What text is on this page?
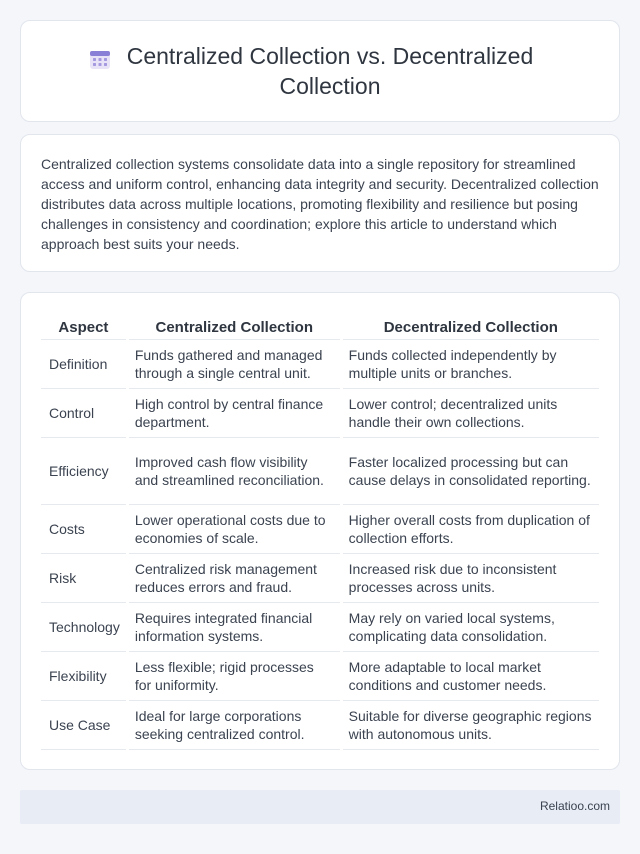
Centralized Collection vs. Decentralized Collection

Centralized collection systems consolidate data into a single repository for streamlined access and uniform control, enhancing data integrity and security. Decentralized collection distributes data across multiple locations, promoting flexibility and resilience but posing challenges in consistency and coordination; explore this article to understand which approach best suits your needs.

Aspect	Centralized Collection	Decentralized Collection
Definition	Funds gathered and managed through a single central unit.	Funds collected independently by multiple units or branches.
Control	High control by central finance department.	Lower control; decentralized units handle their own collections.
Efficiency	Improved cash flow visibility and streamlined reconciliation.	Faster localized processing but can cause delays in consolidated reporting.
Costs	Lower operational costs due to economies of scale.	Higher overall costs from duplication of collection efforts.
Risk	Centralized risk management reduces errors and fraud.	Increased risk due to inconsistent processes across units.
Technology	Requires integrated financial information systems.	May rely on varied local systems, complicating data consolidation.
Flexibility	Less flexible; rigid processes for uniformity.	More adaptable to local market conditions and customer needs.
Use Case	Ideal for large corporations seeking centralized control.	Suitable for diverse geographic regions with autonomous units.
Relatioo.com
